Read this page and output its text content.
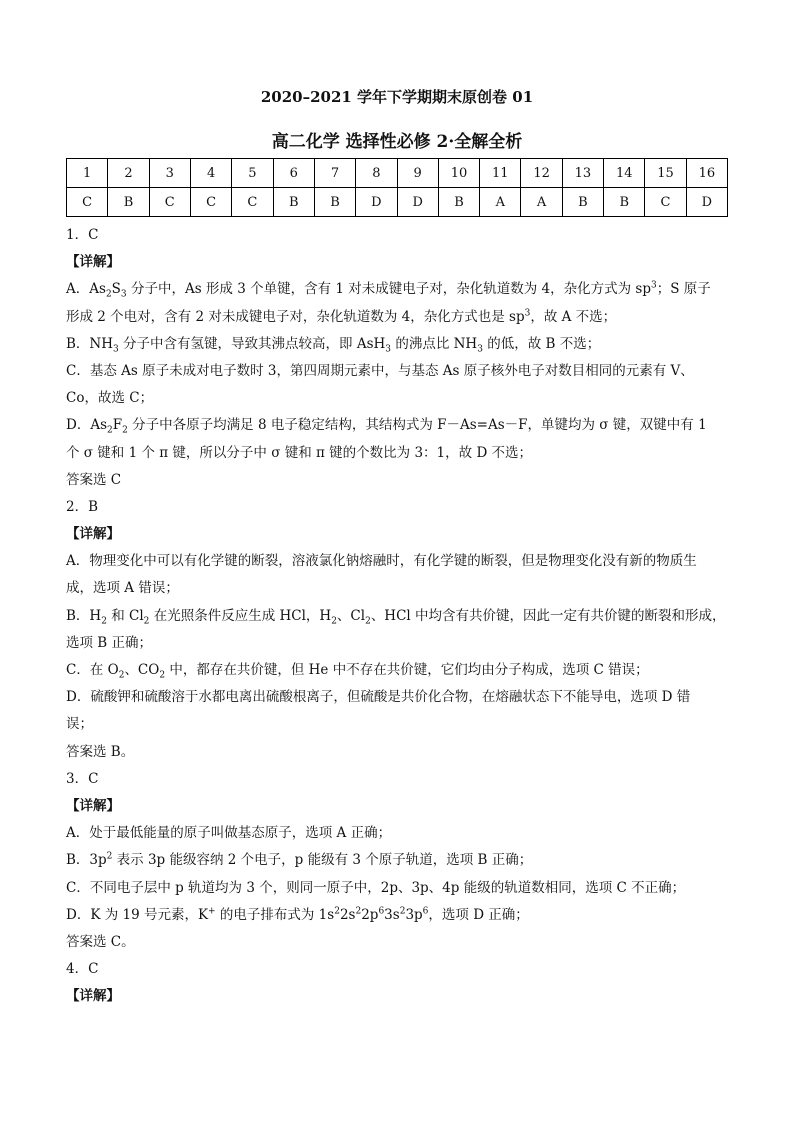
2020–2021 学年下学期期末原创卷 01
高二化学 选择性必修 2·全解全析
1	2	3	4	5	6	7	8	9	10	11	12	13	14	15	16
C	B	C	C	C	B	B	D	D	B	A	A	B	B	C	D
1．C
【详解】
A．$As_2S_3$ 分子中，As 形成 3 个单键，含有 1 对未成键电子对，杂化轨道数为 4，杂化方式为 $sp^3$；S 原子
形成 2 个电对，含有 2 对未成键电子对，杂化轨道数为 4，杂化方式也是 $sp^3$，故 A 不选；
B．$NH_3$ 分子中含有氢键，导致其沸点较高，即 AsH$_3$ 的沸点比 $NH_3$ 的低，故 B 不选；
C．基态 As 原子未成对电子数时 3，第四周期元素中，与基态 As 原子核外电子对数目相同的元素有 V、
Co，故选 C；
D．$As_2F_2$ 分子中各原子均满足 8 电子稳定结构，其结构式为 F－As=As－F，单键均为 σ 键，双键中有 1
个 σ 键和 1 个 π 键，所以分子中 σ 键和 π 键的个数比为 3：1，故 D 不选；
答案选 C
2．B
【详解】
A．物理变化中可以有化学键的断裂，溶液氯化钠熔融时，有化学键的断裂，但是物理变化没有新的物质生
成，选项 A 错误；
B．$H_2$ 和 $Cl_2$ 在光照条件反应生成 HCl，$H_2$、$Cl_2$、HCl 中均含有共价键，因此一定有共价键的断裂和形成，
选项 B 正确；
C．在 $O_2$、$CO_2$ 中，都存在共价键，但 He 中不存在共价键，它们均由分子构成，选项 C 错误；
D．硫酸钾和硫酸溶于水都电离出硫酸根离子，但硫酸是共价化合物，在熔融状态下不能导电，选项 D 错
误；
答案选 B。
3．C
【详解】
A．处于最低能量的原子叫做基态原子，选项 A 正确；
B．$3p^2$ 表示 3p 能级容纳 2 个电子，p 能级有 3 个原子轨道，选项 B 正确；
C．不同电子层中 p 轨道均为 3 个，则同一原子中，2p、3p、4p 能级的轨道数相同，选项 C 不正确；
D．K 为 19 号元素，K+ 的电子排布式为 $1s^22s^22p^63s^23p^6$，选项 D 正确；
答案选 C。
4．C
【详解】
